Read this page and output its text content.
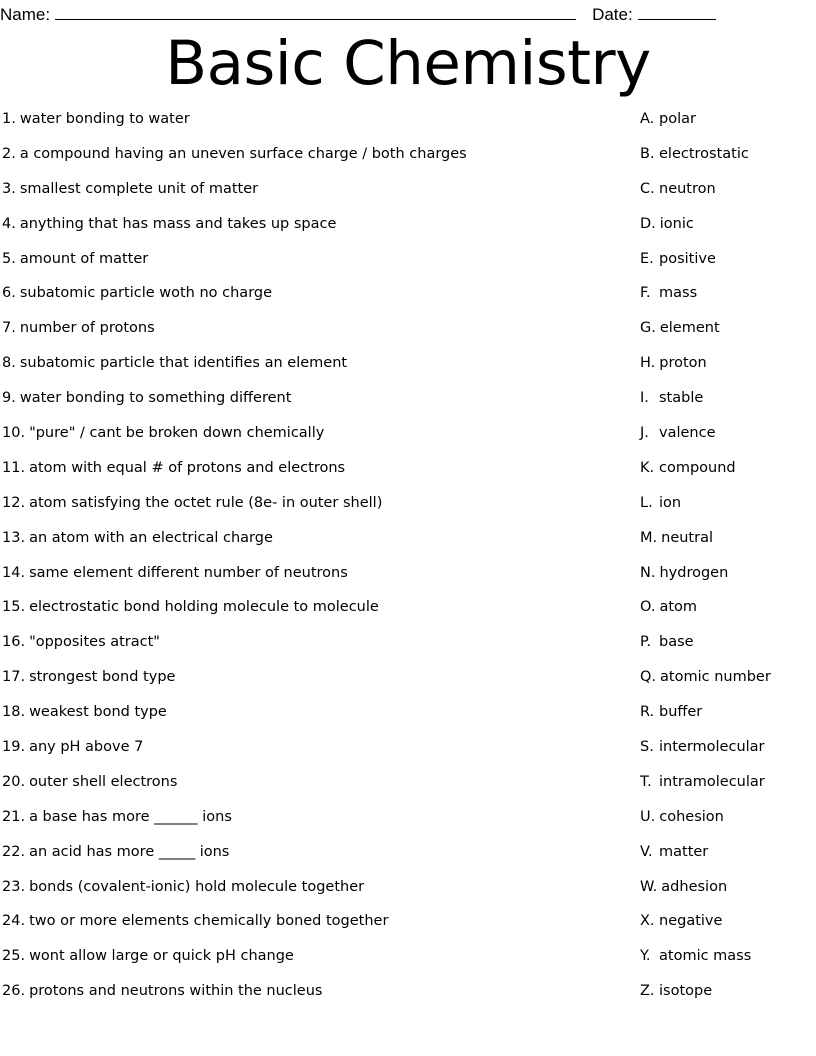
Name:	Date:
Basic Chemistry
1. water bonding to water
2. a compound having an uneven surface charge / both charges
3. smallest complete unit of matter
4. anything that has mass and takes up space
5. amount of matter
6. subatomic particle woth no charge
7. number of protons
8. subatomic particle that identifies an element
9. water bonding to something different
10. "pure" / cant be broken down chemically
11. atom with equal # of protons and electrons
12. atom satisfying the octet rule (8e- in outer shell)
13. an atom with an electrical charge
14. same element different number of neutrons
15. electrostatic bond holding molecule to molecule
16. "opposites atract"
17. strongest bond type
18. weakest bond type
19. any pH above 7
20. outer shell electrons
21. a base has more ______ ions
22. an acid has more _____ ions
23. bonds (covalent-ionic) hold molecule together
24. two or more elements chemically boned together
25. wont allow large or quick pH change
26. protons and neutrons within the nucleus
A. polar
B. electrostatic
C. neutron
D. ionic
E. positive
F. mass
G. element
H. proton
I. stable
J. valence
K. compound
L. ion
M. neutral
N. hydrogen
O. atom
P. base
Q. atomic number
R. buffer
S. intermolecular
T. intramolecular
U. cohesion
V. matter
W. adhesion
X. negative
Y. atomic mass
Z. isotope
